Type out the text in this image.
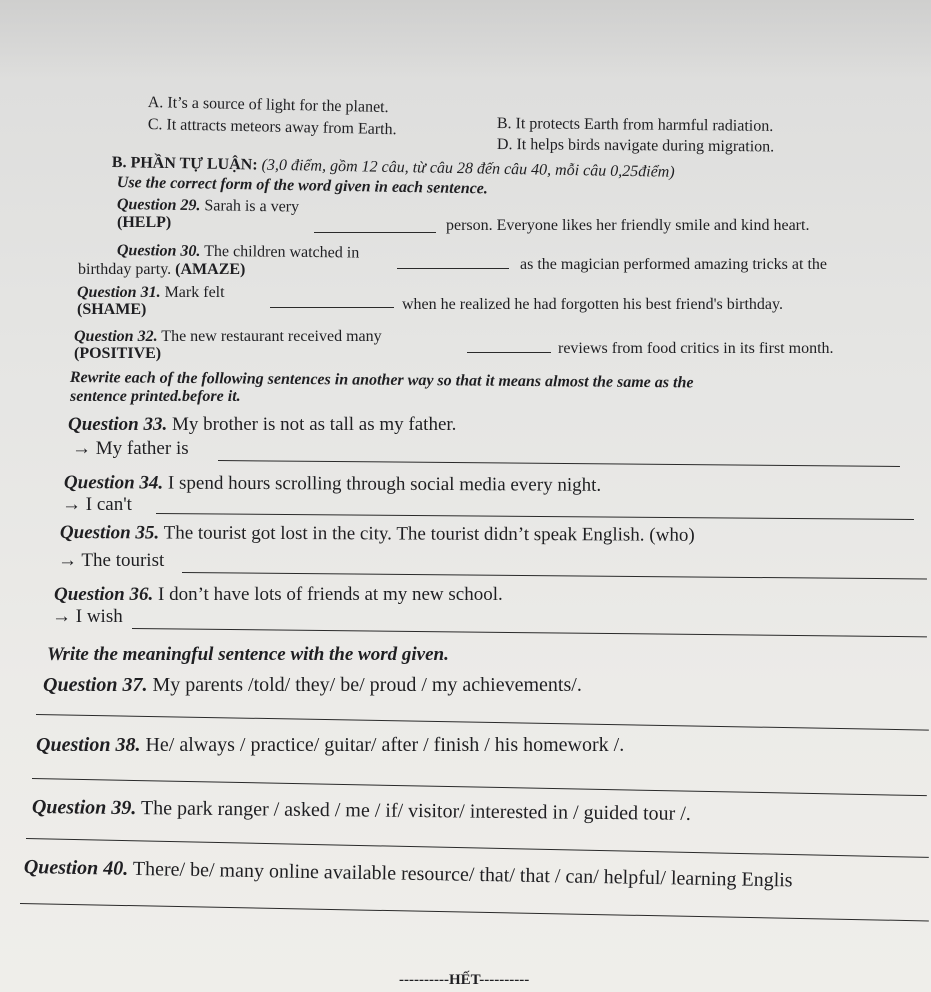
A. It’s a source of light for the planet.
B. It protects Earth from harmful radiation.
C. It attracts meteors away from Earth.
D. It helps birds navigate during migration.
B. PHẦN TỰ LUẬN: (3,0 điểm, gồm 12 câu, từ câu 28 đến câu 40, mỗi câu 0,25điểm)
Use the correct form of the word given in each sentence.
Question 29. Sarah is a very
(HELP)	person. Everyone likes her friendly smile and kind heart.
Question 30. The children watched in
birthday party. (AMAZE)	as the magician performed amazing tricks at the
Question 31. Mark felt
(SHAME)	when he realized he had forgotten his best friend's birthday.
Question 32. The new restaurant received many
(POSITIVE)	reviews from food critics in its first month.
Rewrite each of the following sentences in another way so that it means almost the same as the
sentence printed.before it.
Question 33. My brother is not as tall as my father.
→ My father is
Question 34. I spend hours scrolling through social media every night.
→ I can't
Question 35. The tourist got lost in the city. The tourist didn’t speak English. (who)
→ The tourist
Question 36. I don’t have lots of friends at my new school.
→ I wish
Write the meaningful sentence with the word given.
Question 37. My parents /told/ they/ be/ proud / my achievements/.
Question 38. He/ always / practice/ guitar/ after / finish / his homework /.
Question 39. The park ranger / asked / me / if/ visitor/ interested in / guided tour /.
Question 40. There/ be/ many online available resource/ that/ that / can/ helpful/ learning Englis
----------HẾT----------
